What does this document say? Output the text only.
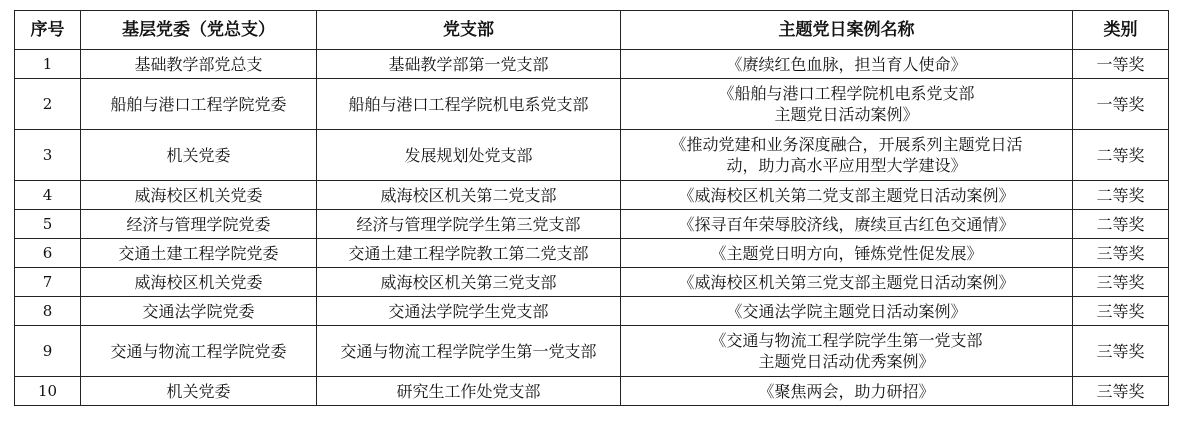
序号	基层党委（党总支）	党支部	主题党日案例名称	类别
1	基础教学部党总支	基础教学部第一党支部	《赓续红色血脉，担当育人使命》	一等奖
2	船舶与港口工程学院党委	船舶与港口工程学院机电系党支部	《船舶与港口工程学院机电系党支部
主题党日活动案例》	一等奖
3	机关党委	发展规划处党支部	《推动党建和业务深度融合，开展系列主题党日活
动，助力高水平应用型大学建设》	二等奖
4	威海校区机关党委	威海校区机关第二党支部	《威海校区机关第二党支部主题党日活动案例》	二等奖
5	经济与管理学院党委	经济与管理学院学生第三党支部	《探寻百年荣辱胶济线，赓续亘古红色交通情》	二等奖
6	交通土建工程学院党委	交通土建工程学院教工第二党支部	《主题党日明方向，锤炼党性促发展》	三等奖
7	威海校区机关党委	威海校区机关第三党支部	《威海校区机关第三党支部主题党日活动案例》	三等奖
8	交通法学院党委	交通法学院学生党支部	《交通法学院主题党日活动案例》	三等奖
9	交通与物流工程学院党委	交通与物流工程学院学生第一党支部	《交通与物流工程学院学生第一党支部
主题党日活动优秀案例》	三等奖
10	机关党委	研究生工作处党支部	《聚焦两会，助力研招》	三等奖
